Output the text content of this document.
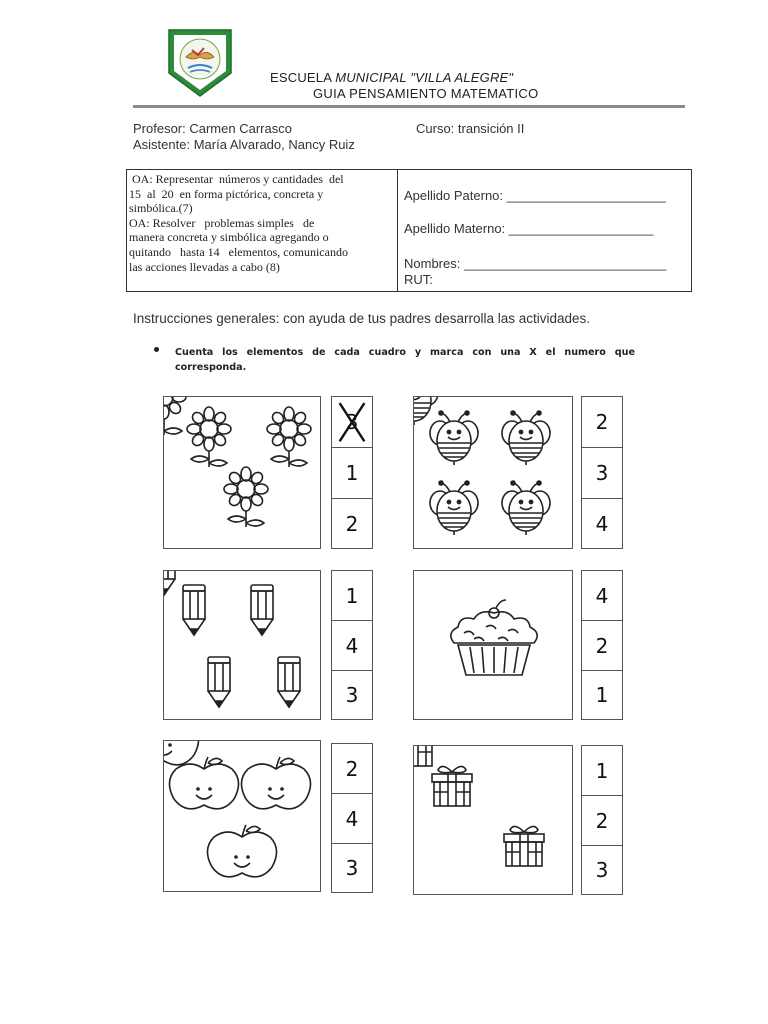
ESCUELA MUNICIPAL "VILLA ALEGRE"
GUIA PENSAMIENTO MATEMATICO
Profesor: Carmen Carrasco	Curso: transición II
Asistente: María Alvarado, Nancy Ruiz
OA: Representar  números y cantidades  del
15  al  20  en forma pictórica, concreta y
simbólica.(7)
OA: Resolver   problemas simples   de
manera concreta y simbólica agregando o
quitando   hasta 14   elementos, comunicando
las acciones llevadas a cabo (8)
Apellido Paterno: ______________________
Apellido Materno: ____________________
Nombres: ____________________________
RUT:
Instrucciones generales: con ayuda de tus padres desarrolla las actividades.
Cuenta los elementos de cada cuadro y marca con una X el numero que corresponda.
3
1
2
2
3
4
1
4
3
4
2
1
2
4
3
1
2
3
